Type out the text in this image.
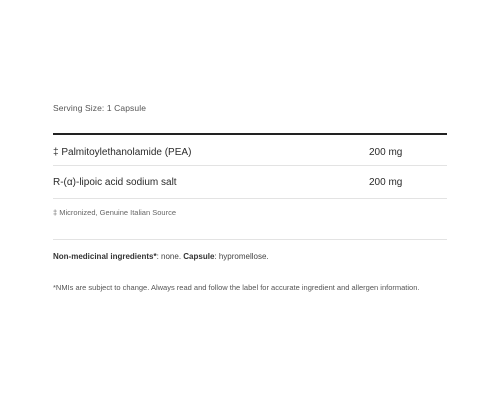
Serving Size: 1 Capsule
‡ Palmitoylethanolamide (PEA)	200 mg
R-(α)-lipoic acid sodium salt	200 mg
‡ Micronized, Genuine Italian Source
Non-medicinal ingredients*: none. Capsule: hypromellose.
*NMIs are subject to change. Always read and follow the label for accurate ingredient and allergen information.
